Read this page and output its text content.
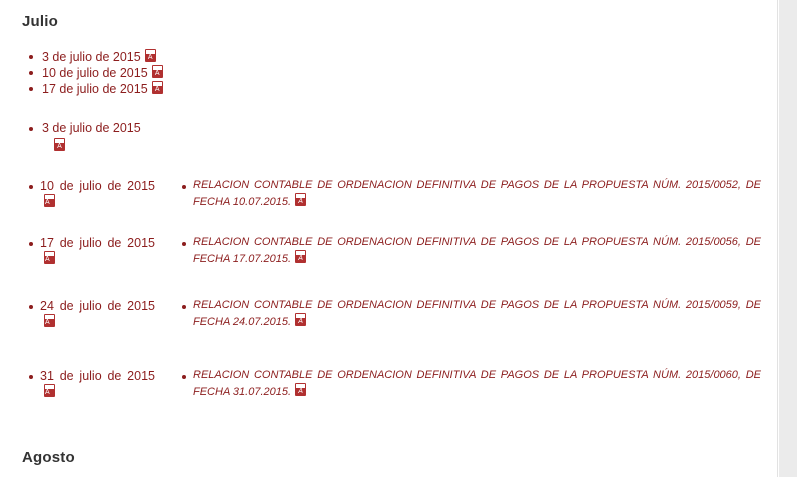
Julio
3 de julio de 2015A
10 de julio de 2015A
17 de julio de 2015A
3 de julio de 2015
A
10 de julio de 2015A	RELACION CONTABLE DE ORDENACION DEFINITIVA DE PAGOS DE LA PROPUESTA NÚM. 2015/0052, DE FECHA 10.07.2015.A
17 de julio de 2015A	RELACION CONTABLE DE ORDENACION DEFINITIVA DE PAGOS DE LA PROPUESTA NÚM. 2015/0056, DE FECHA 17.07.2015.A
24 de julio de 2015A	RELACION CONTABLE DE ORDENACION DEFINITIVA DE PAGOS DE LA PROPUESTA NÚM. 2015/0059, DE FECHA 24.07.2015.A
31 de julio de 2015A	RELACION CONTABLE DE ORDENACION DEFINITIVA DE PAGOS DE LA PROPUESTA NÚM. 2015/0060, DE FECHA 31.07.2015.A
Agosto
